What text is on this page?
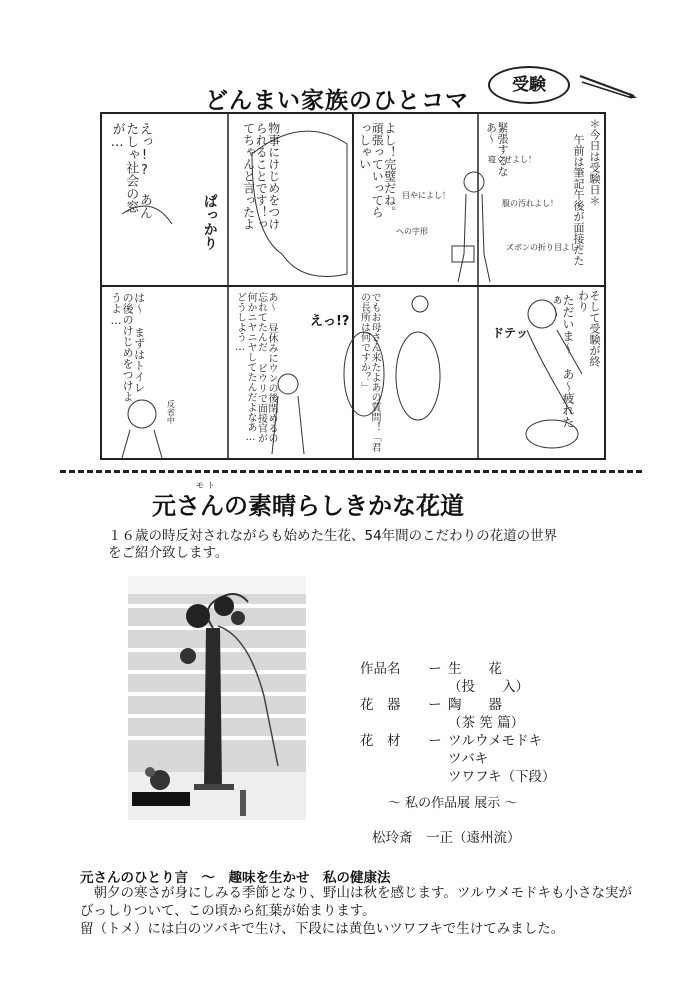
どんまい家族のひとコマ
受験
＊今日は受験日＊
午前は筆記午後が面接だた
緊張するなあ〜
寝ぐせよし！
服の汚れよし！
ズボンの折り目よし！
目やによし！
への字形
よし！完璧だね。頑張っていってらっしゃい
物事にけじめをつけられることです！ってちゃんと言ったよ
えっ!? あんたしゃ社会の窓が…
ぱっかり
そして受験が終わり
ただいま〜 あ〜疲れたぁ〜
ドテッ
でもお母さん来たよあの質問！「君の長所は何ですか？」
えっ!?
あ〜 昼休みにウンの後閉めるの忘れてたんだ ビウリで面接官が何かニヤニヤしてたんだよなあ… どうしよう…
は〜 まずはトイレの後のけじめをつけようよ…
反省中
モト
元さんの素晴らしきかな花道
１６歳の時反対されながらも始めた生花、54年間のこだわりの花道の世界をご紹介致します。
作品名	ー 生　　花
（投　　入）
花　器	ー 陶　　器
（茶 筅 篇）
花　材	ー ツルウメモドキ
ツバキ
ツワフキ（下段）
〜 私の作品展 展示 〜
松玲斎　一正（遠州流）
元さんのひとり言　〜　趣味を生かせ　私の健康法

朝夕の寒さが身にしみる季節となり、野山は秋を感じます。ツルウメモドキも小さな実がびっしりついて、この頃から紅葉が始まります。

留（トメ）には白のツバキで生け、下段には黄色いツワフキで生けてみました。
